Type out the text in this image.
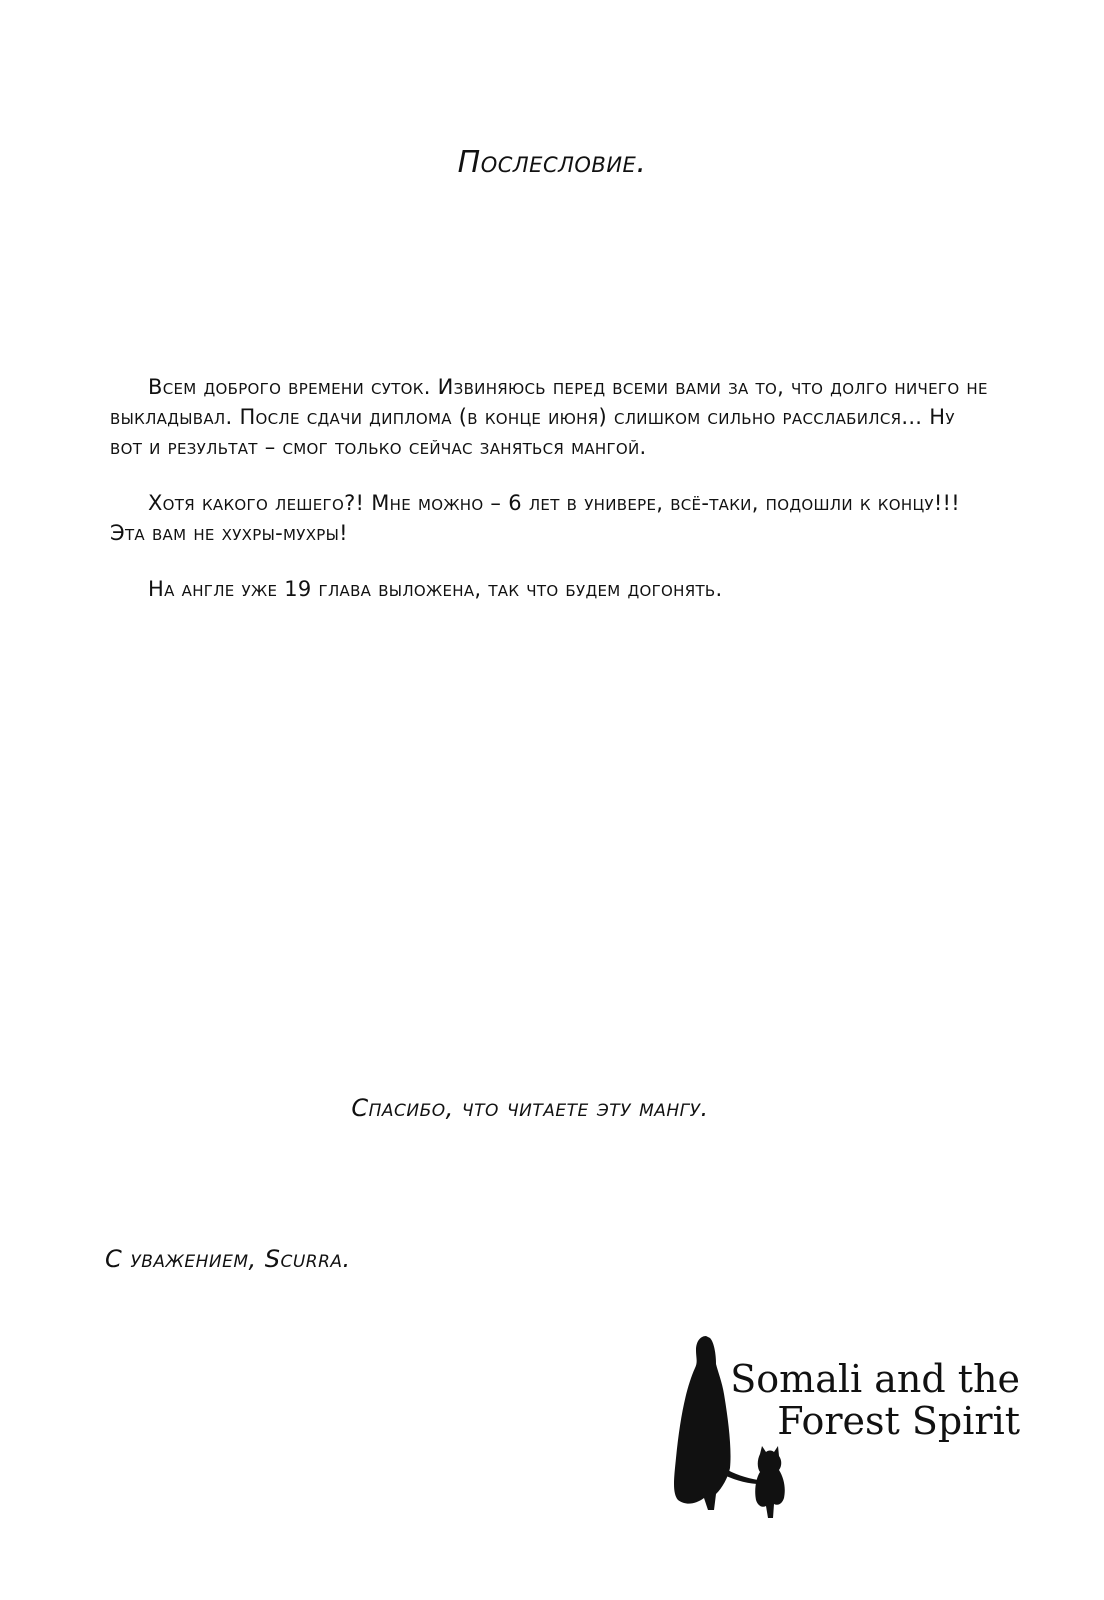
Послесловие.

Всем доброго времени суток. Извиняюсь перед всеми вами за то, что долго ничего не выкладывал. После сдачи диплома (в конце июня) слишком сильно расслабился... Ну вот и результат – смог только сейчас заняться мангой.

Хотя какого лешего?! Мне можно – 6 лет в универе, всё-таки, подошли к концу!!! Эта вам не хухры-мухры!

На англе уже 19 глава выложена, так что будем догонять.

Спасибо, что читаете эту мангу.
С уважением, Scurra.
Somali and the
Forest Spirit
